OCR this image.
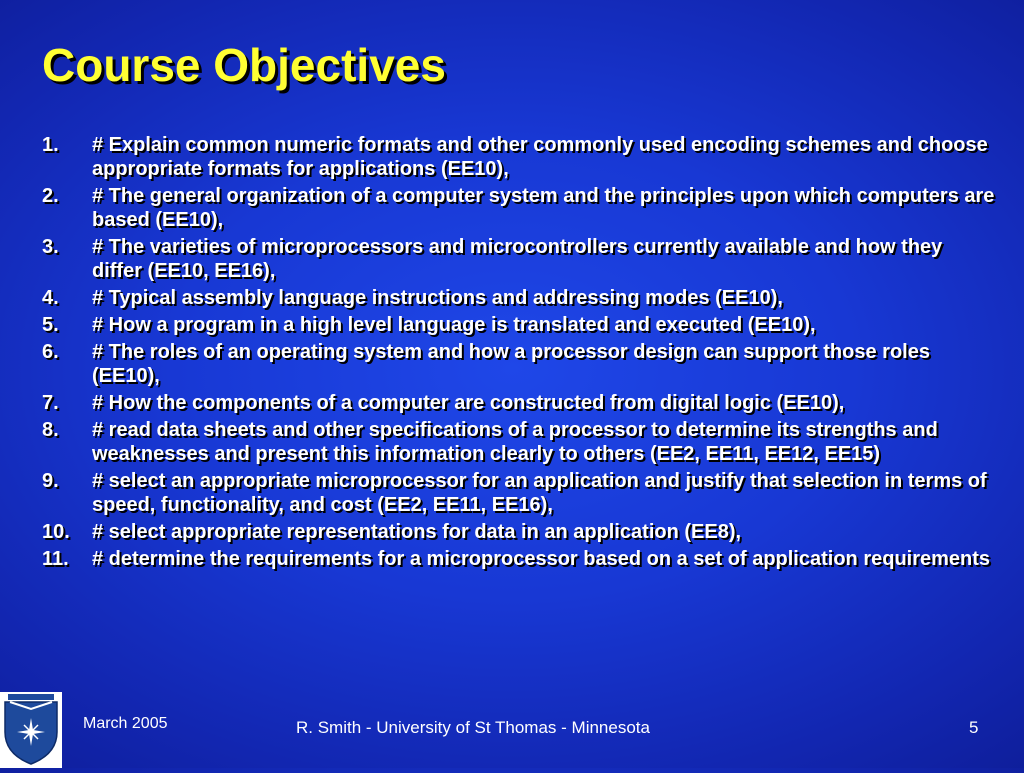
Course Objectives
1.	# Explain common numeric formats and other commonly used encoding schemes and choose appropriate formats for applications (EE10),
2.	# The general organization of a computer system and the principles upon which computers are based (EE10),
3.	# The varieties of microprocessors and microcontrollers currently available and how they differ (EE10, EE16),
4.	# Typical assembly language instructions and addressing modes (EE10),
5.	# How a program in a high level language is translated and executed (EE10),
6.	# The roles of an operating system and how a processor design can support those roles (EE10),
7.	# How the components of a computer are constructed from digital logic (EE10),
8.	# read data sheets and other specifications of a processor to determine its strengths and weaknesses and present this information clearly to others (EE2, EE11, EE12, EE15)
9.	# select an appropriate microprocessor for an application and justify that selection in terms of speed, functionality, and cost (EE2, EE11, EE16),
10.	# select appropriate representations for data in an application (EE8),
11.	# determine the requirements for a microprocessor based on a set of application requirements
March 2005	R. Smith - University of St Thomas - Minnesota	5
